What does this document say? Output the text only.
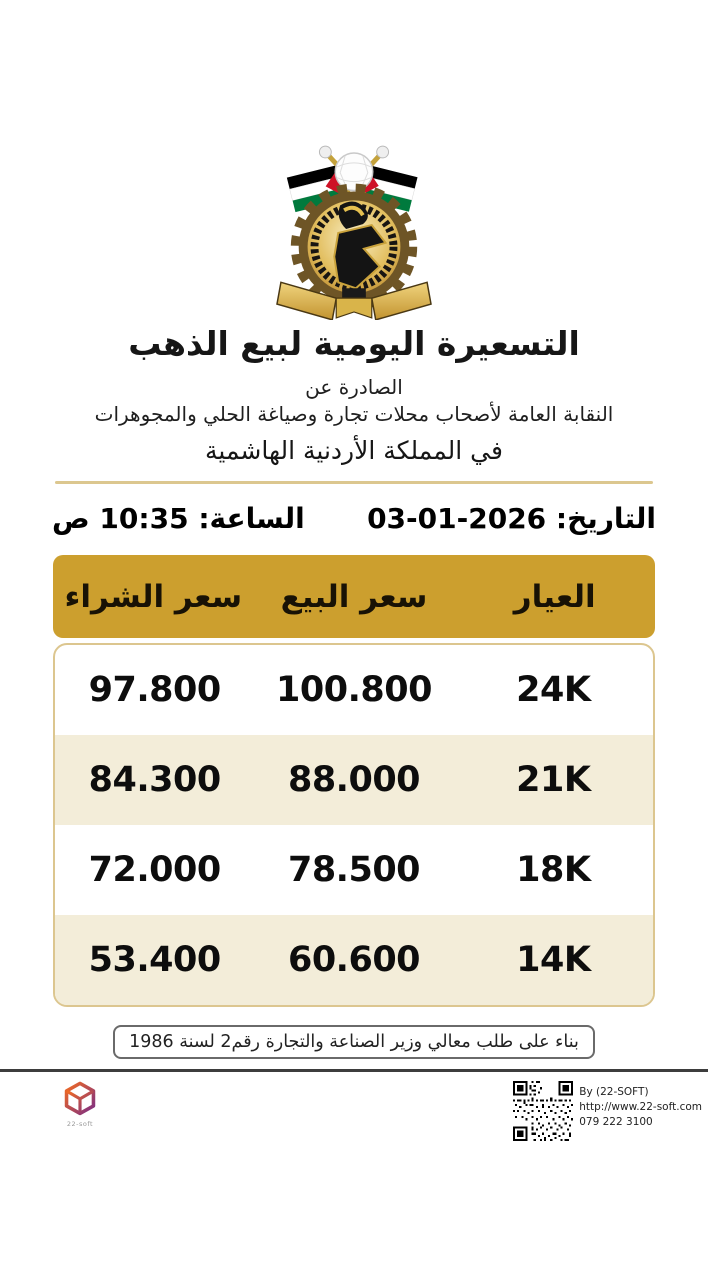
التسعيرة اليومية لبيع الذهب
الصادرة عن
النقابة العامة لأصحاب محلات تجارة وصياغة الحلي والمجوهرات
في المملكة الأردنية الهاشمية
التاريخ: 03-01-2026
الساعة: 10:35 ص
العيار
سعر البيع
سعر الشراء
24K
100.800
97.800
21K
88.000
84.300
18K
78.500
72.000
14K
60.600
53.400
بناء على طلب معالي وزير الصناعة والتجارة رقم2 لسنة 1986
22-soft
By (22-SOFT)
http://www.22-soft.com
079 222 3100
